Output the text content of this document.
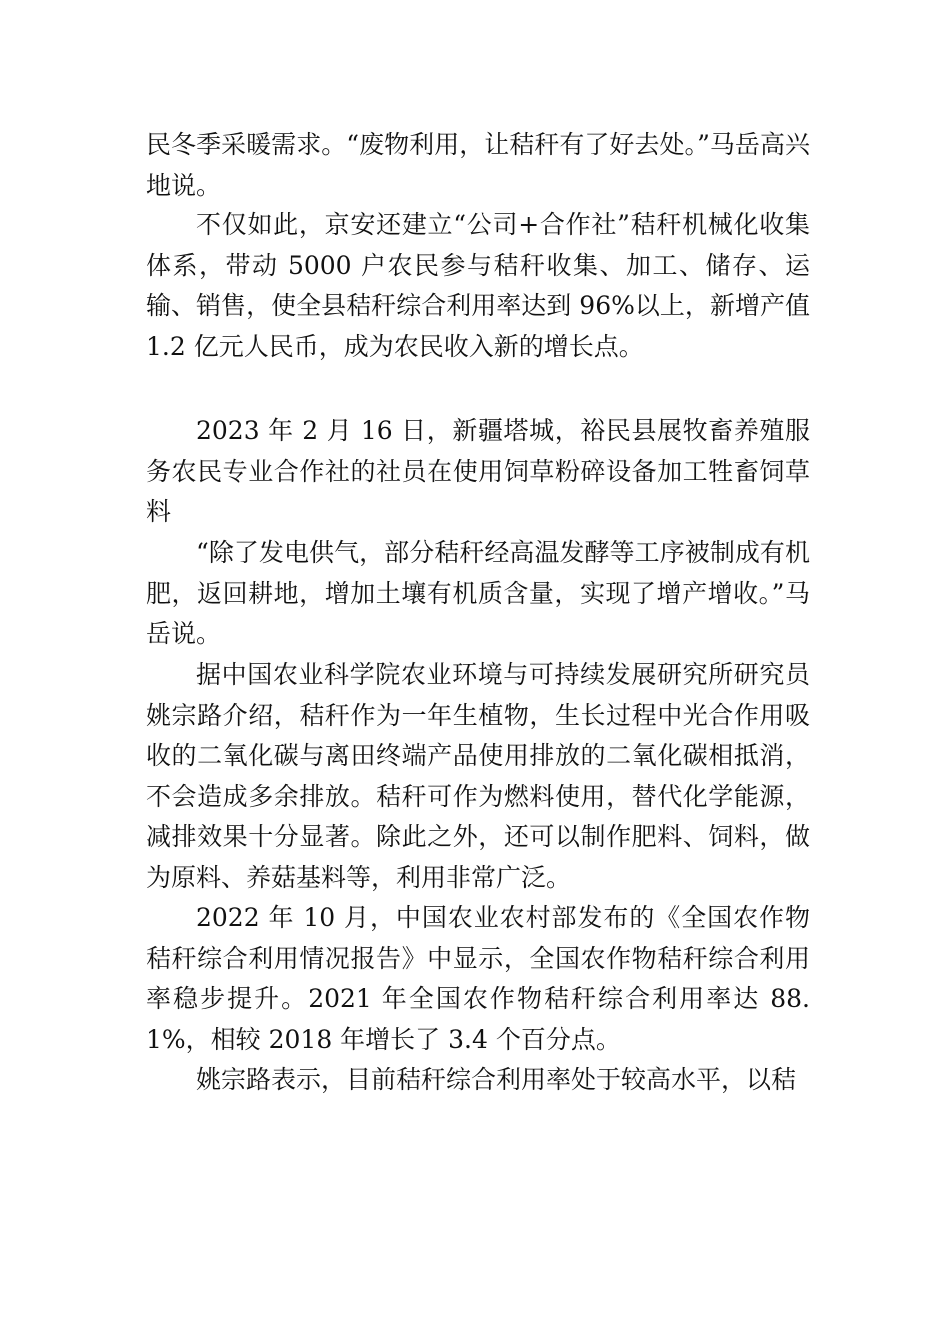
民冬季采暖需求。“废物利用，让秸秆有了好去处。”马岳高兴地说。

不仅如此，京安还建立“公司+合作社”秸秆机械化收集体系，带动 5000 户农民参与秸秆收集、加工、储存、运输、销售，使全县秸秆综合利用率达到 96%以上，新增产值 1.2 亿元人民币，成为农民收入新的增长点。

2023 年 2 月 16 日，新疆塔城，裕民县展牧畜养殖服务农民专业合作社的社员在使用饲草粉碎设备加工牲畜饲草料

“除了发电供气，部分秸秆经高温发酵等工序被制成有机肥，返回耕地，增加土壤有机质含量，实现了增产增收。”马岳说。

据中国农业科学院农业环境与可持续发展研究所研究员姚宗路介绍，秸秆作为一年生植物，生长过程中光合作用吸收的二氧化碳与离田终端产品使用排放的二氧化碳相抵消，不会造成多余排放。秸秆可作为燃料使用，替代化学能源，减排效果十分显著。除此之外，还可以制作肥料、饲料，做为原料、养菇基料等，利用非常广泛。

2022 年 10 月，中国农业农村部发布的《全国农作物秸秆综合利用情况报告》中显示，全国农作物秸秆综合利用率稳步提升。2021 年全国农作物秸秆综合利用率达 88.1%，相较 2018 年增长了 3.4 个百分点。

姚宗路表示，目前秸秆综合利用率处于较高水平，以秸
